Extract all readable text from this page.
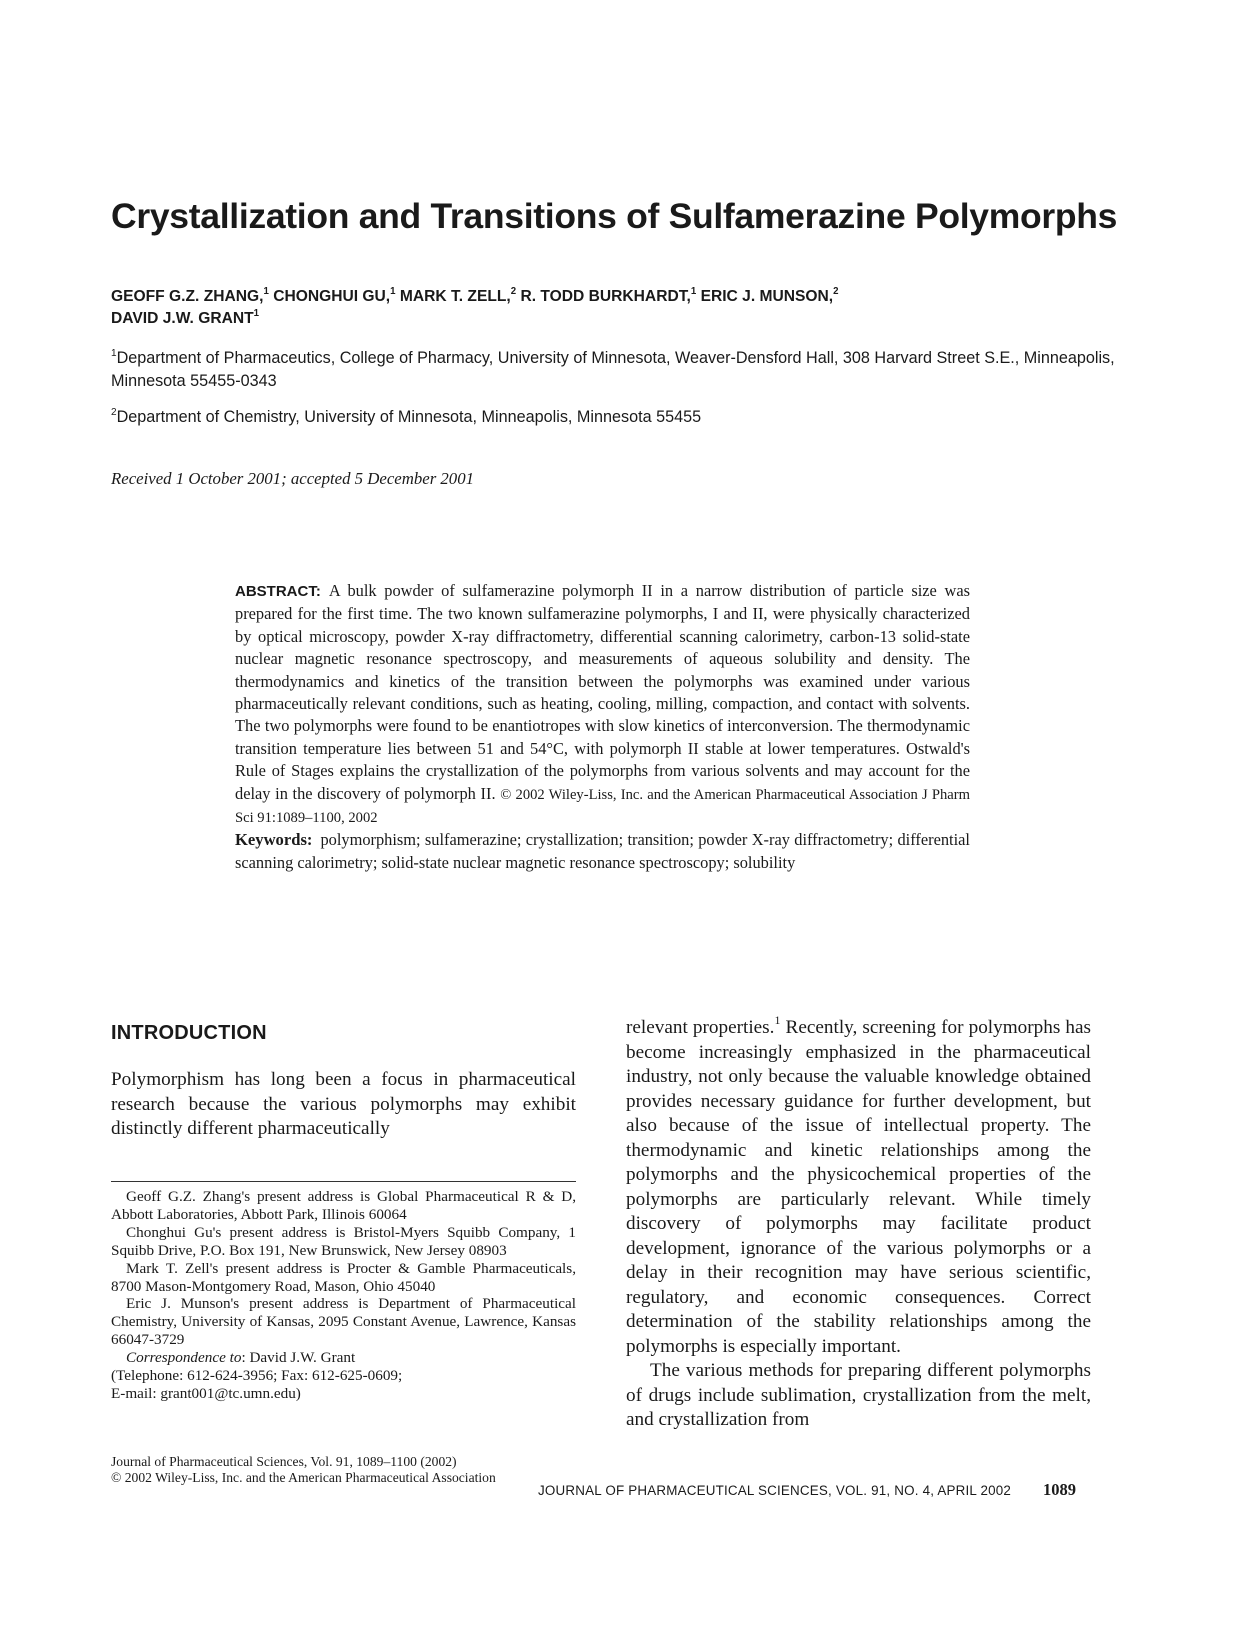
Crystallization and Transitions of Sulfamerazine Polymorphs
GEOFF G.Z. ZHANG,$^1$ CHONGHUI GU,$^1$ MARK T. ZELL,$^2$ R. TODD BURKHARDT,$^1$ ERIC J. MUNSON,$^2$
DAVID J.W. GRANT$^1$
$^1$Department of Pharmaceutics, College of Pharmacy, University of Minnesota, Weaver-Densford Hall, 308 Harvard Street S.E., Minneapolis, Minnesota 55455-0343
$^2$Department of Chemistry, University of Minnesota, Minneapolis, Minnesota 55455
Received 1 October 2001; accepted 5 December 2001
ABSTRACT: A bulk powder of sulfamerazine polymorph II in a narrow distribution of particle size was prepared for the first time. The two known sulfamerazine polymorphs, I and II, were physically characterized by optical microscopy, powder X-ray diffractometry, differential scanning calorimetry, carbon-13 solid-state nuclear magnetic resonance spectroscopy, and measurements of aqueous solubility and density. The thermodynamics and kinetics of the transition between the polymorphs was examined under various pharmaceutically relevant conditions, such as heating, cooling, milling, compaction, and contact with solvents. The two polymorphs were found to be enantiotropes with slow kinetics of interconversion. The thermodynamic transition temperature lies between 51 and 54°C, with polymorph II stable at lower temperatures. Ostwald's Rule of Stages explains the crystallization of the polymorphs from various solvents and may account for the delay in the discovery of polymorph II. © 2002 Wiley-Liss, Inc. and the American Pharmaceutical Association J Pharm Sci 91:1089–1100, 2002
Keywords: polymorphism; sulfamerazine; crystallization; transition; powder X-ray diffractometry; differential scanning calorimetry; solid-state nuclear magnetic resonance spectroscopy; solubility
INTRODUCTION
Polymorphism has long been a focus in pharmaceutical research because the various polymorphs may exhibit distinctly different pharmaceutically

Geoff G.Z. Zhang's present address is Global Pharmaceutical R & D, Abbott Laboratories, Abbott Park, Illinois 60064

Chonghui Gu's present address is Bristol-Myers Squibb Company, 1 Squibb Drive, P.O. Box 191, New Brunswick, New Jersey 08903

Mark T. Zell's present address is Procter & Gamble Pharmaceuticals, 8700 Mason-Montgomery Road, Mason, Ohio 45040

Eric J. Munson's present address is Department of Pharmaceutical Chemistry, University of Kansas, 2095 Constant Avenue, Lawrence, Kansas 66047-3729

Correspondence to: David J.W. Grant

(Telephone: 612-624-3956; Fax: 612-625-0609;

E-mail: grant001@tc.umn.edu)

Journal of Pharmaceutical Sciences, Vol. 91, 1089–1100 (2002)
© 2002 Wiley-Liss, Inc. and the American Pharmaceutical Association

relevant properties.$^1$ Recently, screening for polymorphs has become increasingly emphasized in the pharmaceutical industry, not only because the valuable knowledge obtained provides necessary guidance for further development, but also because of the issue of intellectual property. The thermodynamic and kinetic relationships among the polymorphs and the physicochemical properties of the polymorphs are particularly relevant. While timely discovery of polymorphs may facilitate product development, ignorance of the various polymorphs or a delay in their recognition may have serious scientific, regulatory, and economic consequences. Correct determination of the stability relationships among the polymorphs is especially important.

The various methods for preparing different polymorphs of drugs include sublimation, crystallization from the melt, and crystallization from

JOURNAL OF PHARMACEUTICAL SCIENCES, VOL. 91, NO. 4, APRIL 2002 1089
